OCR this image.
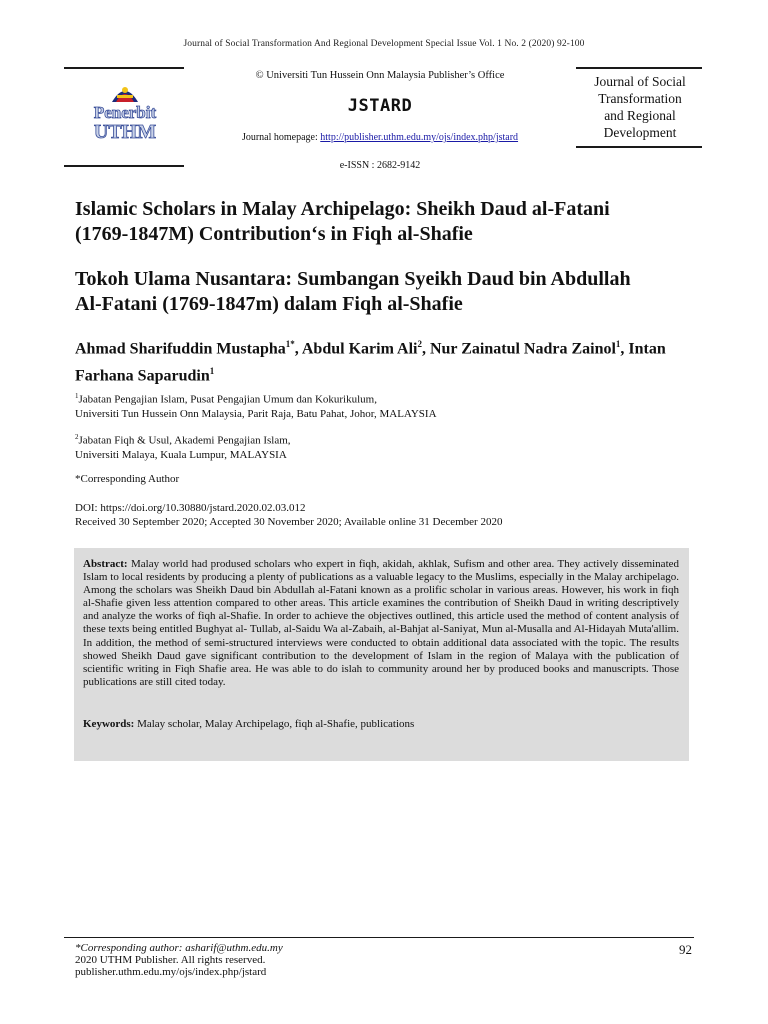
Journal of Social Transformation And Regional Development Special Issue Vol. 1 No. 2 (2020) 92-100
Penerbit
UTHM
© Universiti Tun Hussein Onn Malaysia Publisher’s Office
JSTARD
Journal homepage: http://publisher.uthm.edu.my/ojs/index.php/jstard
e-ISSN : 2682-9142
Journal of Social
Transformation
and Regional
Development
Islamic Scholars in Malay Archipelago: Sheikh Daud al-Fatani
(1769-1847M) Contribution‘s in Fiqh al-Shafie
Tokoh Ulama Nusantara: Sumbangan Syeikh Daud bin Abdullah
Al-Fatani (1769-1847m) dalam Fiqh al-Shafie
Ahmad Sharifuddin Mustapha$^{1*}$, Abdul Karim Ali$^2$, Nur Zainatul Nadra Zainol$^1$, Intan Farhana Saparudin$^1$
$^1$Jabatan Pengajian Islam, Pusat Pengajian Umum dan Kokurikulum,
Universiti Tun Hussein Onn Malaysia, Parit Raja, Batu Pahat, Johor, MALAYSIA
$^2$Jabatan Fiqh & Usul, Akademi Pengajian Islam,
Universiti Malaya, Kuala Lumpur, MALAYSIA
*Corresponding Author
DOI: https://doi.org/10.30880/jstard.2020.02.03.012
Received 30 September 2020; Accepted 30 November 2020; Available online 31 December 2020
Abstract: Malay world had prodused scholars who expert in fiqh, akidah, akhlak, Sufism and other area. They actively disseminated Islam to local residents by producing a plenty of publications as a valuable legacy to the Muslims, especially in the Malay archipelago. Among the scholars was Sheikh Daud bin Abdullah al-Fatani known as a prolific scholar in various areas. However, his work in fiqh al-Shafie given less attention compared to other areas. This article examines the contribution of Sheikh Daud in writing descriptively and analyze the works of fiqh al-Shafie. In order to achieve the objectives outlined, this article used the method of content analysis of these texts being entitled Bughyat al- Tullab, al-Saidu Wa al-Zabaih, al-Bahjat al-Saniyat, Mun al-Musalla and Al-Hidayah Muta'allim. In addition, the method of semi-structured interviews were conducted to obtain additional data associated with the topic. The results showed Sheikh Daud gave significant contribution to the development of Islam in the region of Malaya with the publication of scientific writing in Fiqh Shafie area. He was able to do islah to community around her by produced books and manuscripts. Those publications are still cited today.
Keywords: Malay scholar, Malay Archipelago, fiqh al-Shafie, publications
*Corresponding author: asharif@uthm.edu.my
2020 UTHM Publisher. All rights reserved.
publisher.uthm.edu.my/ojs/index.php/jstard
92
